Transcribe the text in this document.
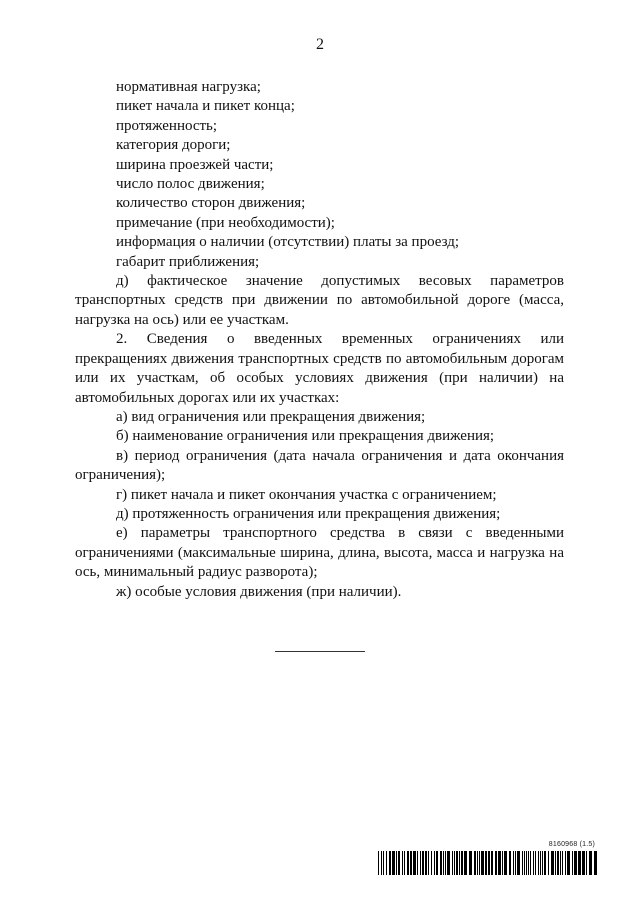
2
нормативная нагрузка;
пикет начала и пикет конца;
протяженность;
категория дороги;
ширина проезжей части;
число полос движения;
количество сторон движения;
примечание (при необходимости);
информация о наличии (отсутствии) платы за проезд;
габарит приближения;
д) фактическое значение допустимых весовых параметров транспортных средств при движении по автомобильной дороге (масса, нагрузка на ось) или ее участкам.
2. Сведения о введенных временных ограничениях или прекращениях движения транспортных средств по автомобильным дорогам или их участкам, об особых условиях движения (при наличии) на автомобильных дорогах или их участках:
а) вид ограничения или прекращения движения;
б) наименование ограничения или прекращения движения;
в) период ограничения (дата начала ограничения и дата окончания ограничения);
г) пикет начала и пикет окончания участка с ограничением;
д) протяженность ограничения или прекращения движения;
е) параметры транспортного средства в связи с введенными ограничениями (максимальные ширина, длина, высота, масса и нагрузка на ось, минимальный радиус разворота);
ж) особые условия движения (при наличии).
8160968 (1.5)
